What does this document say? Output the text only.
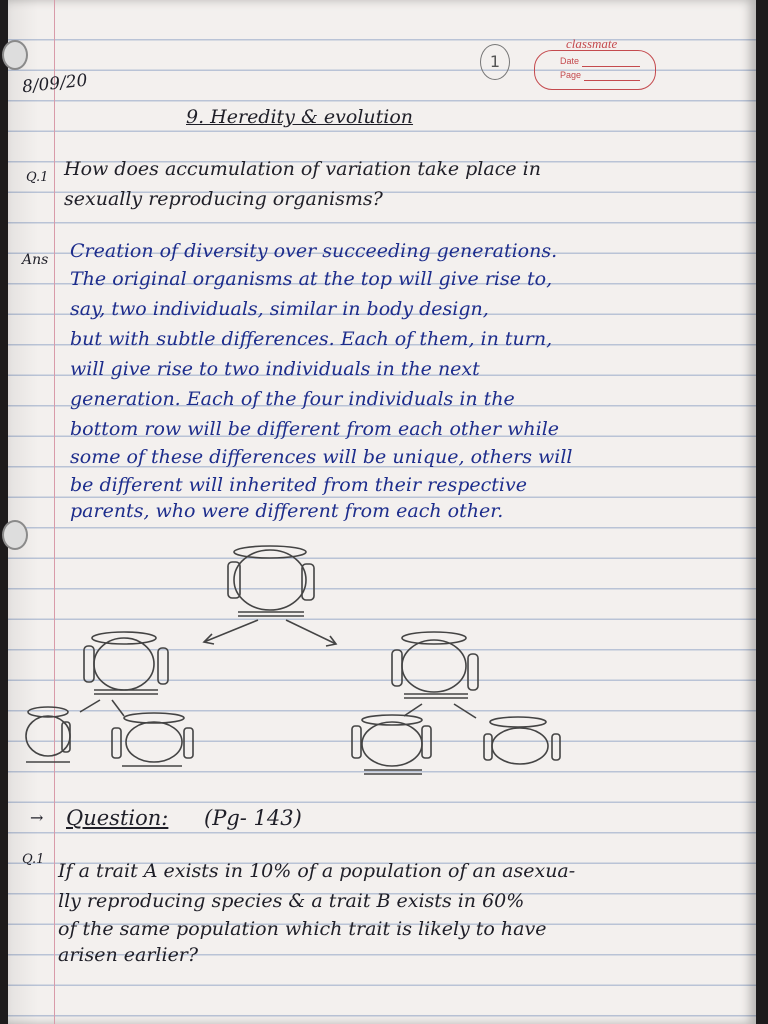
classmate
Date
Page
1
8/09/20
9. Heredity & evolution
Q.1 How does accumulation of variation take place in
sexually reproducing organisms?
Ans Creation of diversity over succeeding generations.
The original organisms at the top will give rise to,
say, two individuals, similar in body design,
but with subtle differences. Each of them, in turn,
will give rise to two individuals in the next
generation. Each of the four individuals in the
bottom row will be different from each other while
some of these differences will be unique, others will
be different will inherited from their respective
parents, who were different from each other.
→ Question: (Pg- 143)
Q.1
If a trait A exists in 10% of a population of an asexua-
lly reproducing species & a trait B exists in 60%
of the same population which trait is likely to have
arisen earlier?
